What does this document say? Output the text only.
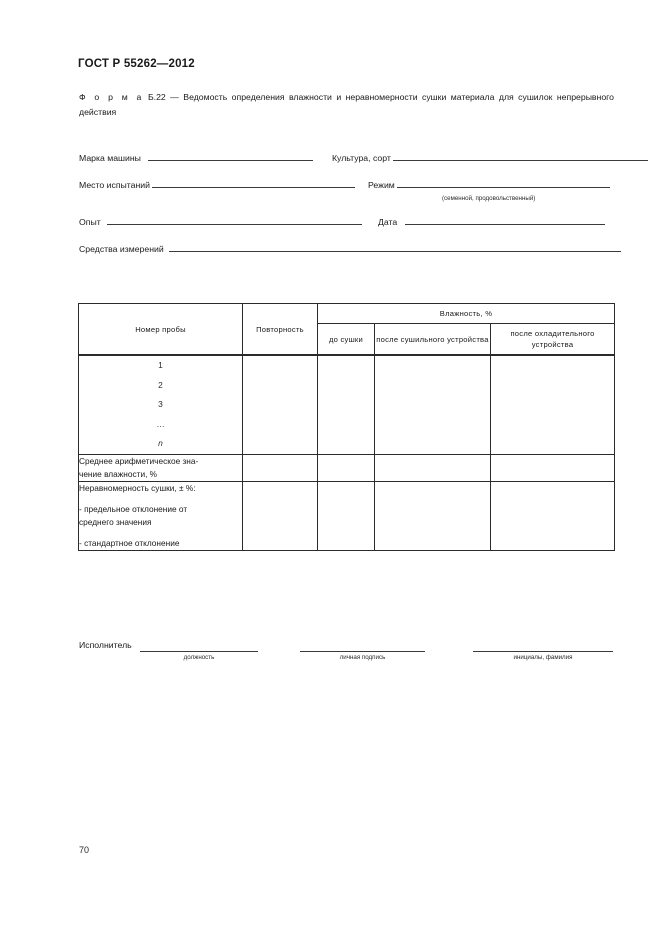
ГОСТ Р 55262—2012
Ф о р м а Б.22 — Ведомость определения влажности и неравномерности сушки материала для сушилок непрерывного действия
Марка машины	Культура, сорт
Место испытаний	Режим
(семенной, продовольственный)
Опыт	Дата
Средства измерений
Номер пробы	Повторность	Влажность, %		
		до сушки	после сушильного устройства	после охладительного устройства

1
2
3
…
n				

Среднее арифметическое зна-
чение влажности, %				

Неравномерность сушки, ± %:
- предельное отклонение от
среднего значения
- стандартное отклонение				

Исполнитель
должность	личная подпись	инициалы, фамилия
70
